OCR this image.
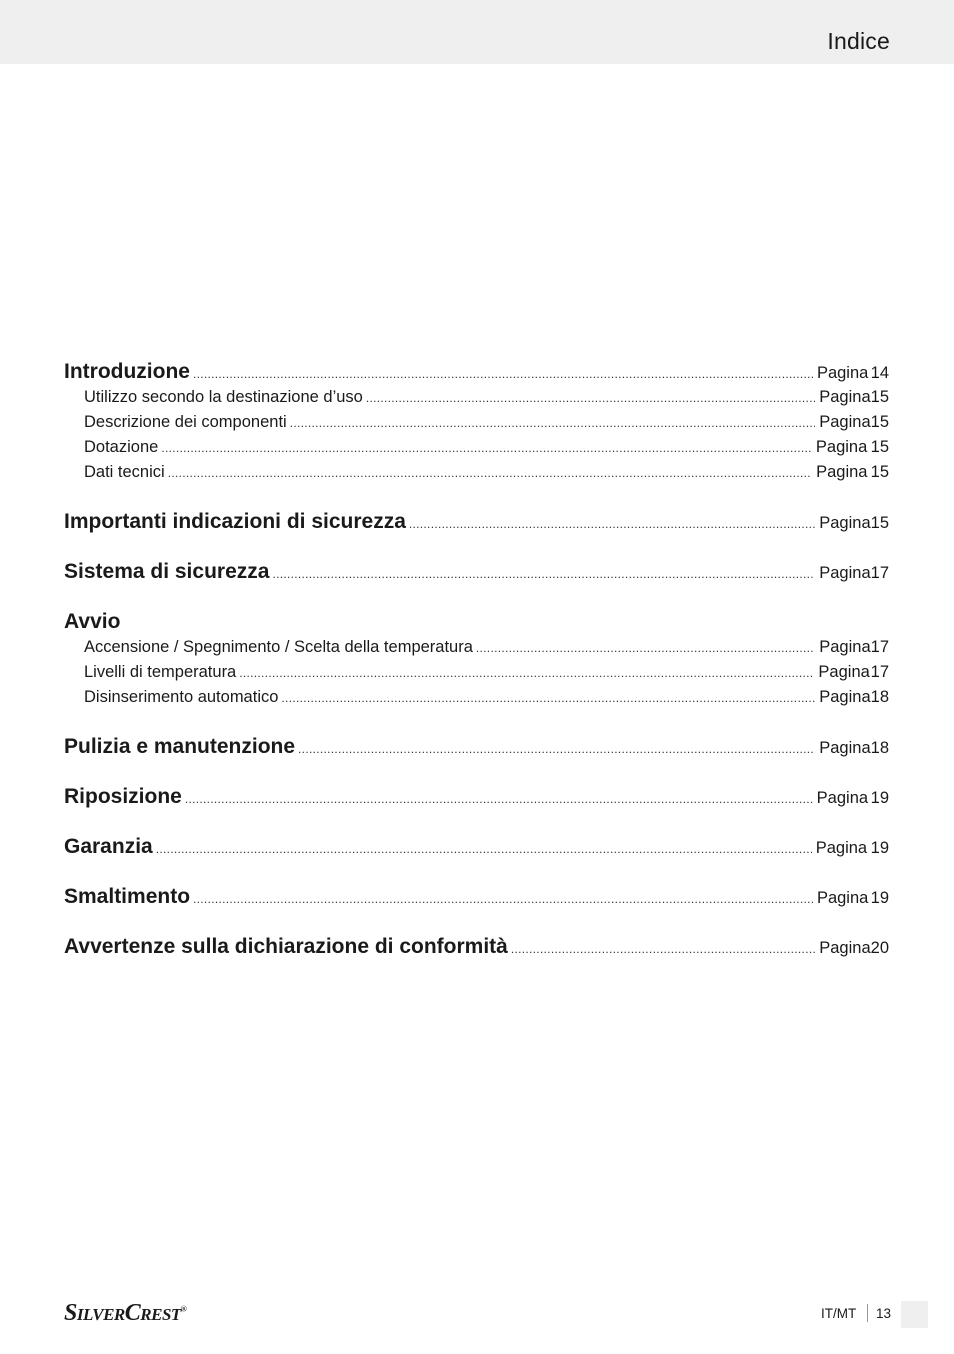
Indice
Introduzione .....	Pagina 14
Utilizzo secondo la destinazione d’uso .....	Pagina 15
Descrizione dei componenti .....	Pagina 15
Dotazione .....	Pagina 15
Dati tecnici .....	Pagina 15
Importanti indicazioni di sicurezza .....	Pagina 15
Sistema di sicurezza .....	Pagina 17
Avvio
Accensione / Spegnimento / Scelta della temperatura .....	Pagina 17
Livelli di temperatura .....	Pagina 17
Disinserimento automatico .....	Pagina 18
Pulizia e manutenzione .....	Pagina 18
Riposizione .....	Pagina 19
Garanzia .....	Pagina 19
Smaltimento .....	Pagina 19
Avvertenze sulla dichiarazione di conformità .....	Pagina 20
SILVERCREST®	IT/MT 13
